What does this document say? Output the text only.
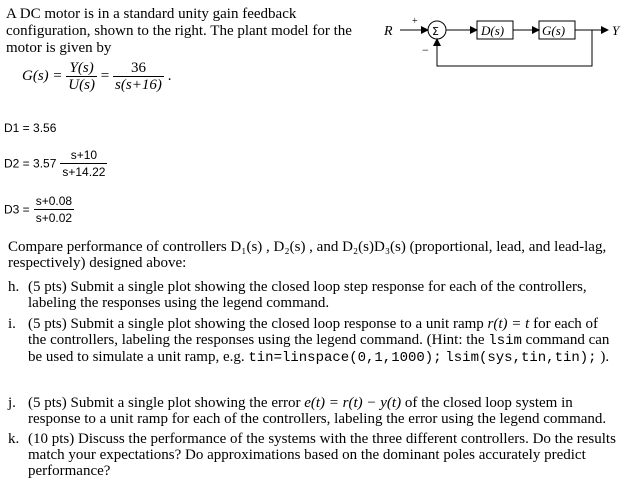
A DC motor is in a standard unity gain feedback configuration, shown to the right. The plant model for the motor is given by
$G(s) = \frac{Y(s)}{U(s)} = \frac{36}{s(s+16)}$ .
R
+
Σ	D(s)	G(s)	Y
−
D1 = 3.56
$D2 = 3.57 \frac{s+10}{s+14.22}$
$D3 = \frac{s+0.08}{s+0.02}$
Compare performance of controllers D₁(s) , D₂(s) , and D₂(s)D₃(s) (proportional, lead, and lead-lag, respectively) designed above:
h. (5 pts) Submit a single plot showing the closed loop step response for each of the controllers, labeling the responses using the legend command.
i. (5 pts) Submit a single plot showing the closed loop response to a unit ramp r(t) = t for each of the controllers, labeling the responses using the legend command. (Hint: the lsim command can be used to simulate a unit ramp, e.g. tin=linspace(0,1,1000); lsim(sys,tin,tin); ).
j. (5 pts) Submit a single plot showing the error e(t) = r(t) − y(t) of the closed loop system in response to a unit ramp for each of the controllers, labeling the error using the legend command.
k. (10 pts) Discuss the performance of the systems with the three different controllers. Do the results match your expectations? Do approximations based on the dominant poles accurately predict performance?
